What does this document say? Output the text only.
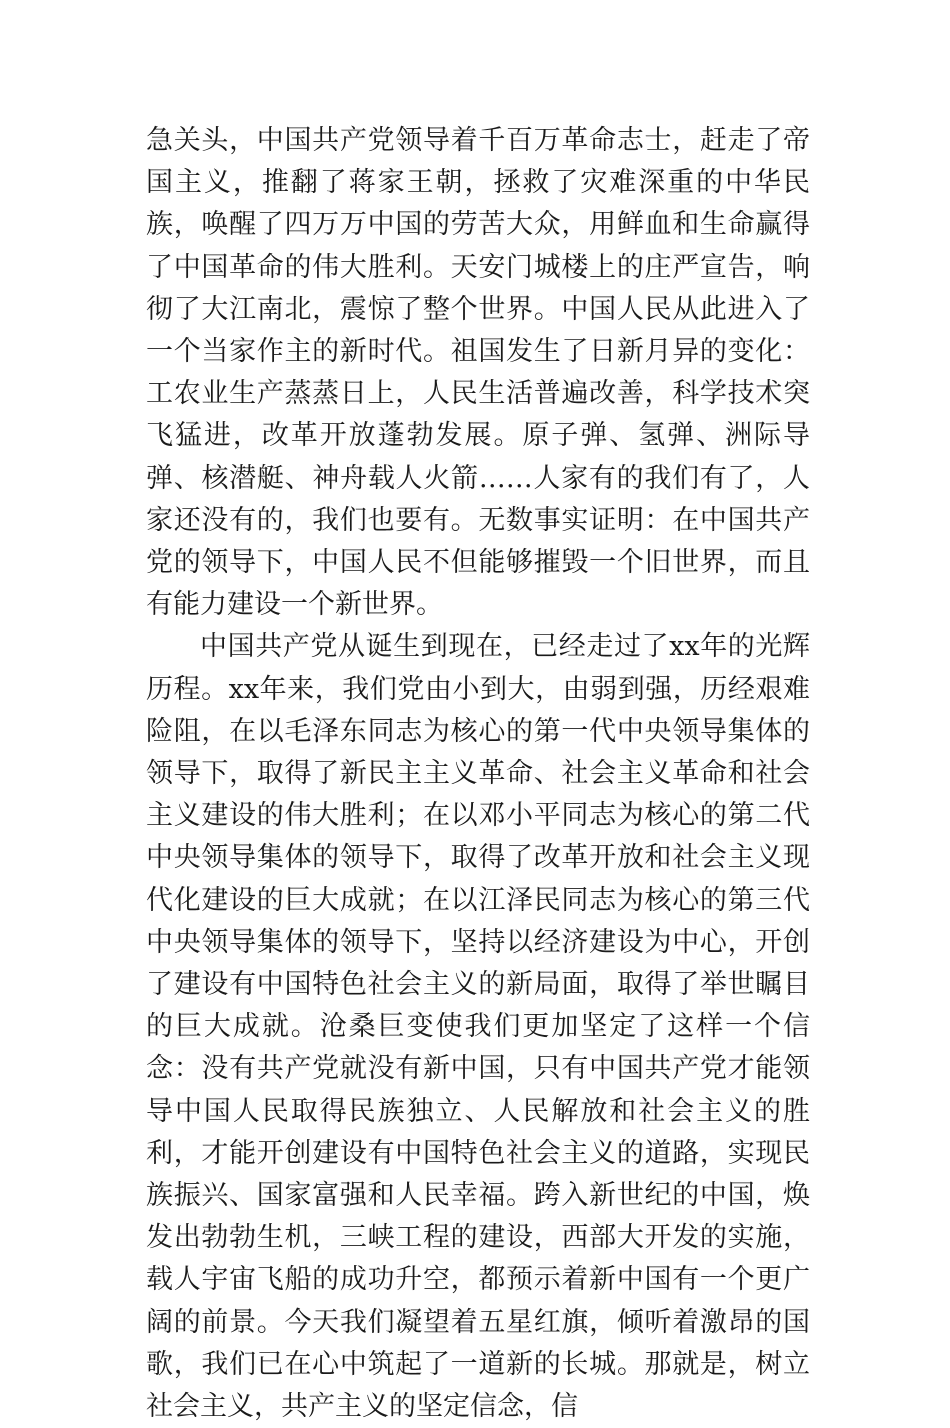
急关头，中国共产党领导着千百万革命志士，赶走了帝国主义，推翻了蒋家王朝，拯救了灾难深重的中华民族，唤醒了四万万中国的劳苦大众，用鲜血和生命赢得了中国革命的伟大胜利。天安门城楼上的庄严宣告，响彻了大江南北，震惊了整个世界。中国人民从此进入了一个当家作主的新时代。祖国发生了日新月异的变化：工农业生产蒸蒸日上，人民生活普遍改善，科学技术突飞猛进，改革开放蓬勃发展。原子弹、氢弹、洲际导弹、核潜艇、神舟载人火箭……人家有的我们有了，人家还没有的，我们也要有。无数事实证明：在中国共产党的领导下，中国人民不但能够摧毁一个旧世界，而且有能力建设一个新世界。

中国共产党从诞生到现在，已经走过了xx年的光辉历程。xx年来，我们党由小到大，由弱到强，历经艰难险阻，在以毛泽东同志为核心的第一代中央领导集体的领导下，取得了新民主主义革命、社会主义革命和社会主义建设的伟大胜利；在以邓小平同志为核心的第二代中央领导集体的领导下，取得了改革开放和社会主义现代化建设的巨大成就；在以江泽民同志为核心的第三代中央领导集体的领导下，坚持以经济建设为中心，开创了建设有中国特色社会主义的新局面，取得了举世瞩目的巨大成就。沧桑巨变使我们更加坚定了这样一个信念：没有共产党就没有新中国，只有中国共产党才能领导中国人民取得民族独立、人民解放和社会主义的胜利，才能开创建设有中国特色社会主义的道路，实现民族振兴、国家富强和人民幸福。跨入新世纪的中国，焕发出勃勃生机，三峡工程的建设，西部大开发的实施，载人宇宙飞船的成功升空，都预示着新中国有一个更广阔的前景。今天我们凝望着五星红旗，倾听着激昂的国歌，我们已在心中筑起了一道新的长城。那就是，树立社会主义，共产主义的坚定信念，信
